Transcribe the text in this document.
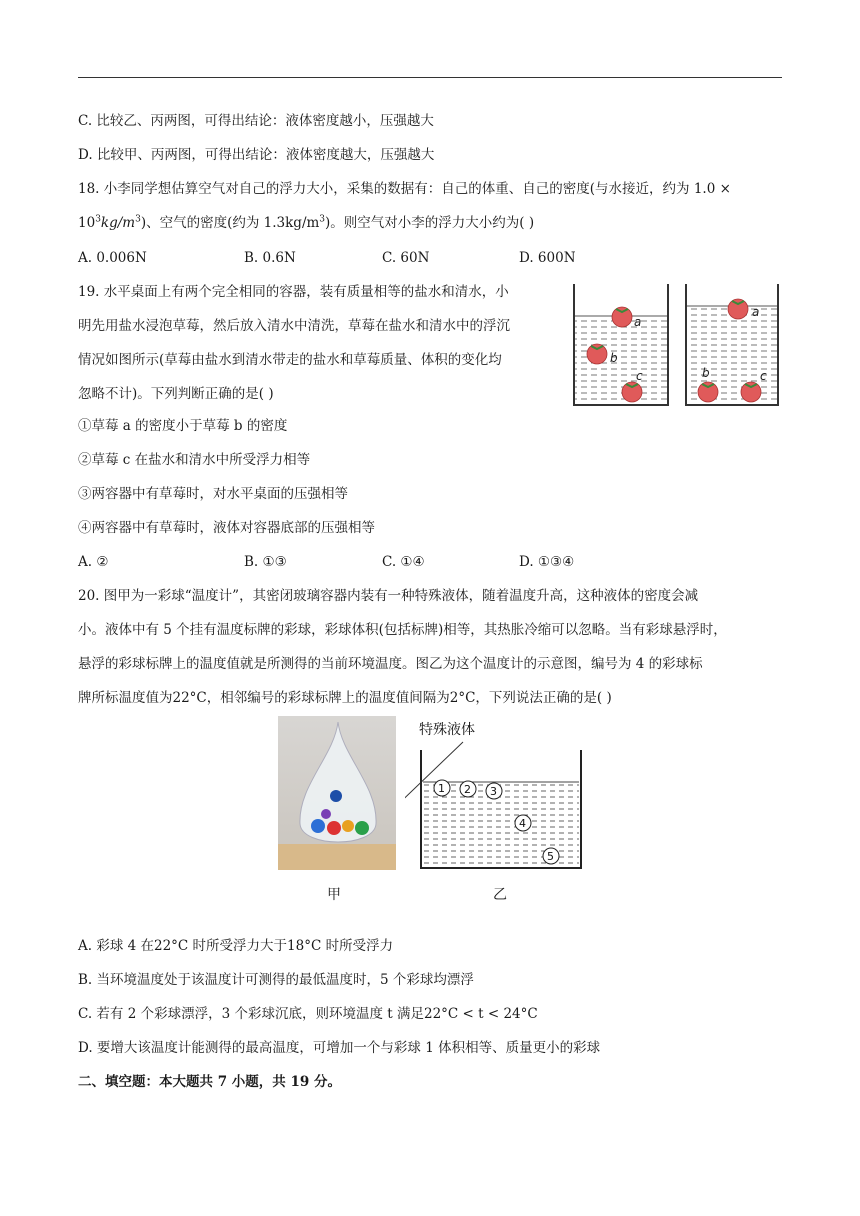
C. 比较乙、丙两图，可得出结论：液体密度越小，压强越大
D. 比较甲、丙两图，可得出结论：液体密度越大，压强越大
18. 小李同学想估算空气对自己的浮力大小，采集的数据有：自己的体重、自己的密度(与水接近，约为 1.0 ×
$10^3kg/m^3$)、空气的密度(约为 $1.3kg/m^3$)。则空气对小李的浮力大小约为( )
A. 0.006N	B. 0.6N	C. 60N	D. 600N
19. 水平桌面上有两个完全相同的容器，装有质量相等的盐水和清水，小
明先用盐水浸泡草莓，然后放入清水中清洗，草莓在盐水和清水中的浮沉
情况如图所示(草莓由盐水到清水带走的盐水和草莓质量、体积的变化均
忽略不计)。下列判断正确的是( )
①草莓 a 的密度小于草莓 b 的密度
②草莓 c 在盐水和清水中所受浮力相等
③两容器中有草莓时，对水平桌面的压强相等
④两容器中有草莓时，液体对容器底部的压强相等
A. ②	B. ①③	C. ①④	D. ①③④
a
b
c
a
b	c
20. 图甲为一彩球“温度计”，其密闭玻璃容器内装有一种特殊液体，随着温度升高，这种液体的密度会减
小。液体中有 5 个挂有温度标牌的彩球，彩球体积(包括标牌)相等，其热胀冷缩可以忽略。当有彩球悬浮时，
悬浮的彩球标牌上的温度值就是所测得的当前环境温度。图乙为这个温度计的示意图，编号为 4 的彩球标
牌所标温度值为22°C，相邻编号的彩球标牌上的温度值间隔为2°C，下列说法正确的是( )
甲
特殊液体
1 2 3
4
5
乙
A. 彩球 4 在22°C 时所受浮力大于18°C 时所受浮力
B. 当环境温度处于该温度计可测得的最低温度时，5 个彩球均漂浮
C. 若有 2 个彩球漂浮，3 个彩球沉底，则环境温度 t 满足22°C < t < 24°C
D. 要增大该温度计能测得的最高温度，可增加一个与彩球 1 体积相等、质量更小的彩球
二、填空题：本大题共 7 小题，共 19 分。
